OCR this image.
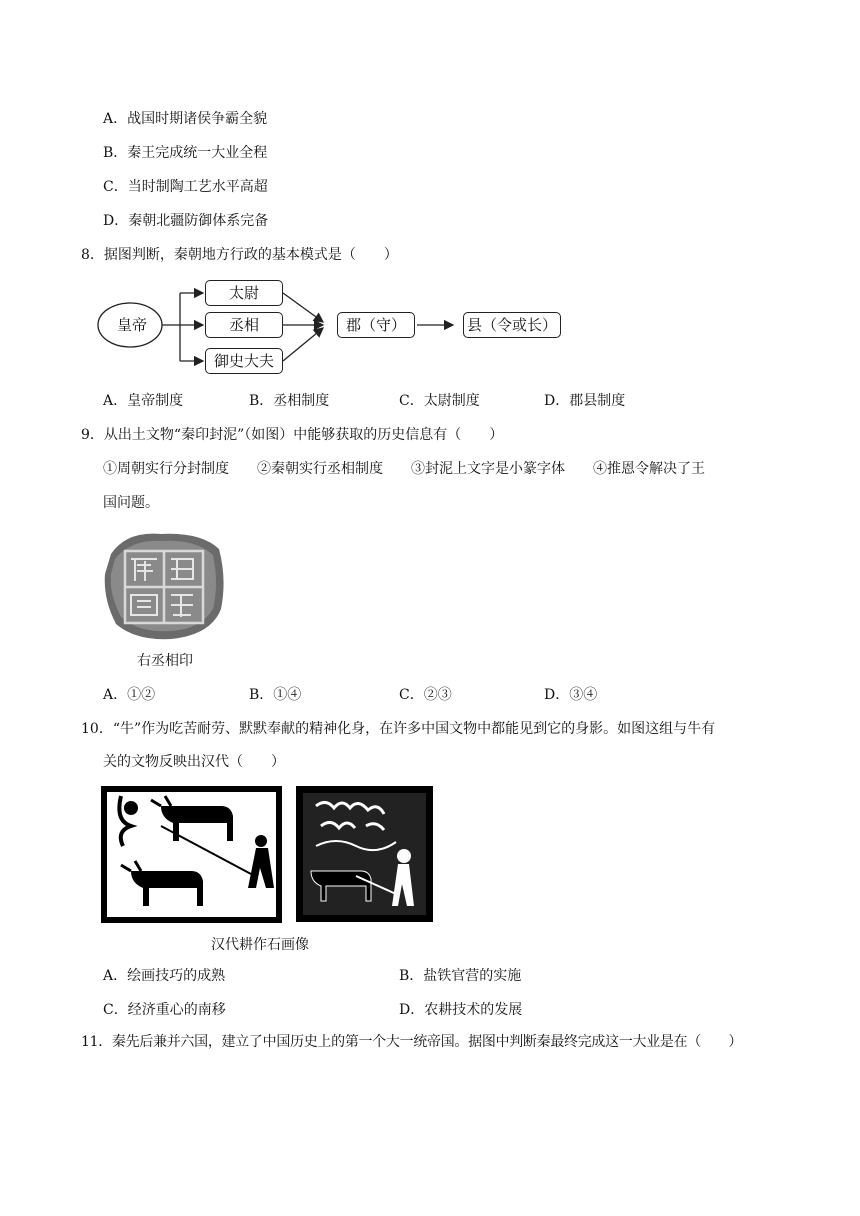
A．战国时期诸侯争霸全貌
B．秦王完成统一大业全程
C．当时制陶工艺水平高超
D．秦朝北疆防御体系完备
8．据图判断，秦朝地方行政的基本模式是（　　）
皇帝
太尉
丞相
御史大夫
郡（守）	县（令或长）
A．皇帝制度	B．丞相制度	C．太尉制度	D．郡县制度
9．从出土文物“秦印封泥”（如图）中能够获取的历史信息有（　　）
①周朝实行分封制度　　②秦朝实行丞相制度　　③封泥上文字是小篆字体　　④推恩令解决了王
国问题。
右丞相印
A．①②	B．①④	C．②③	D．③④
10．“牛”作为吃苦耐劳、默默奉献的精神化身，在许多中国文物中都能见到它的身影。如图这组与牛有
关的文物反映出汉代（　　）
汉代耕作石画像
A．绘画技巧的成熟	B．盐铁官营的实施
C．经济重心的南移	D．农耕技术的发展
11．秦先后兼并六国，建立了中国历史上的第一个大一统帝国。据图中判断秦最终完成这一大业是在（　　）
